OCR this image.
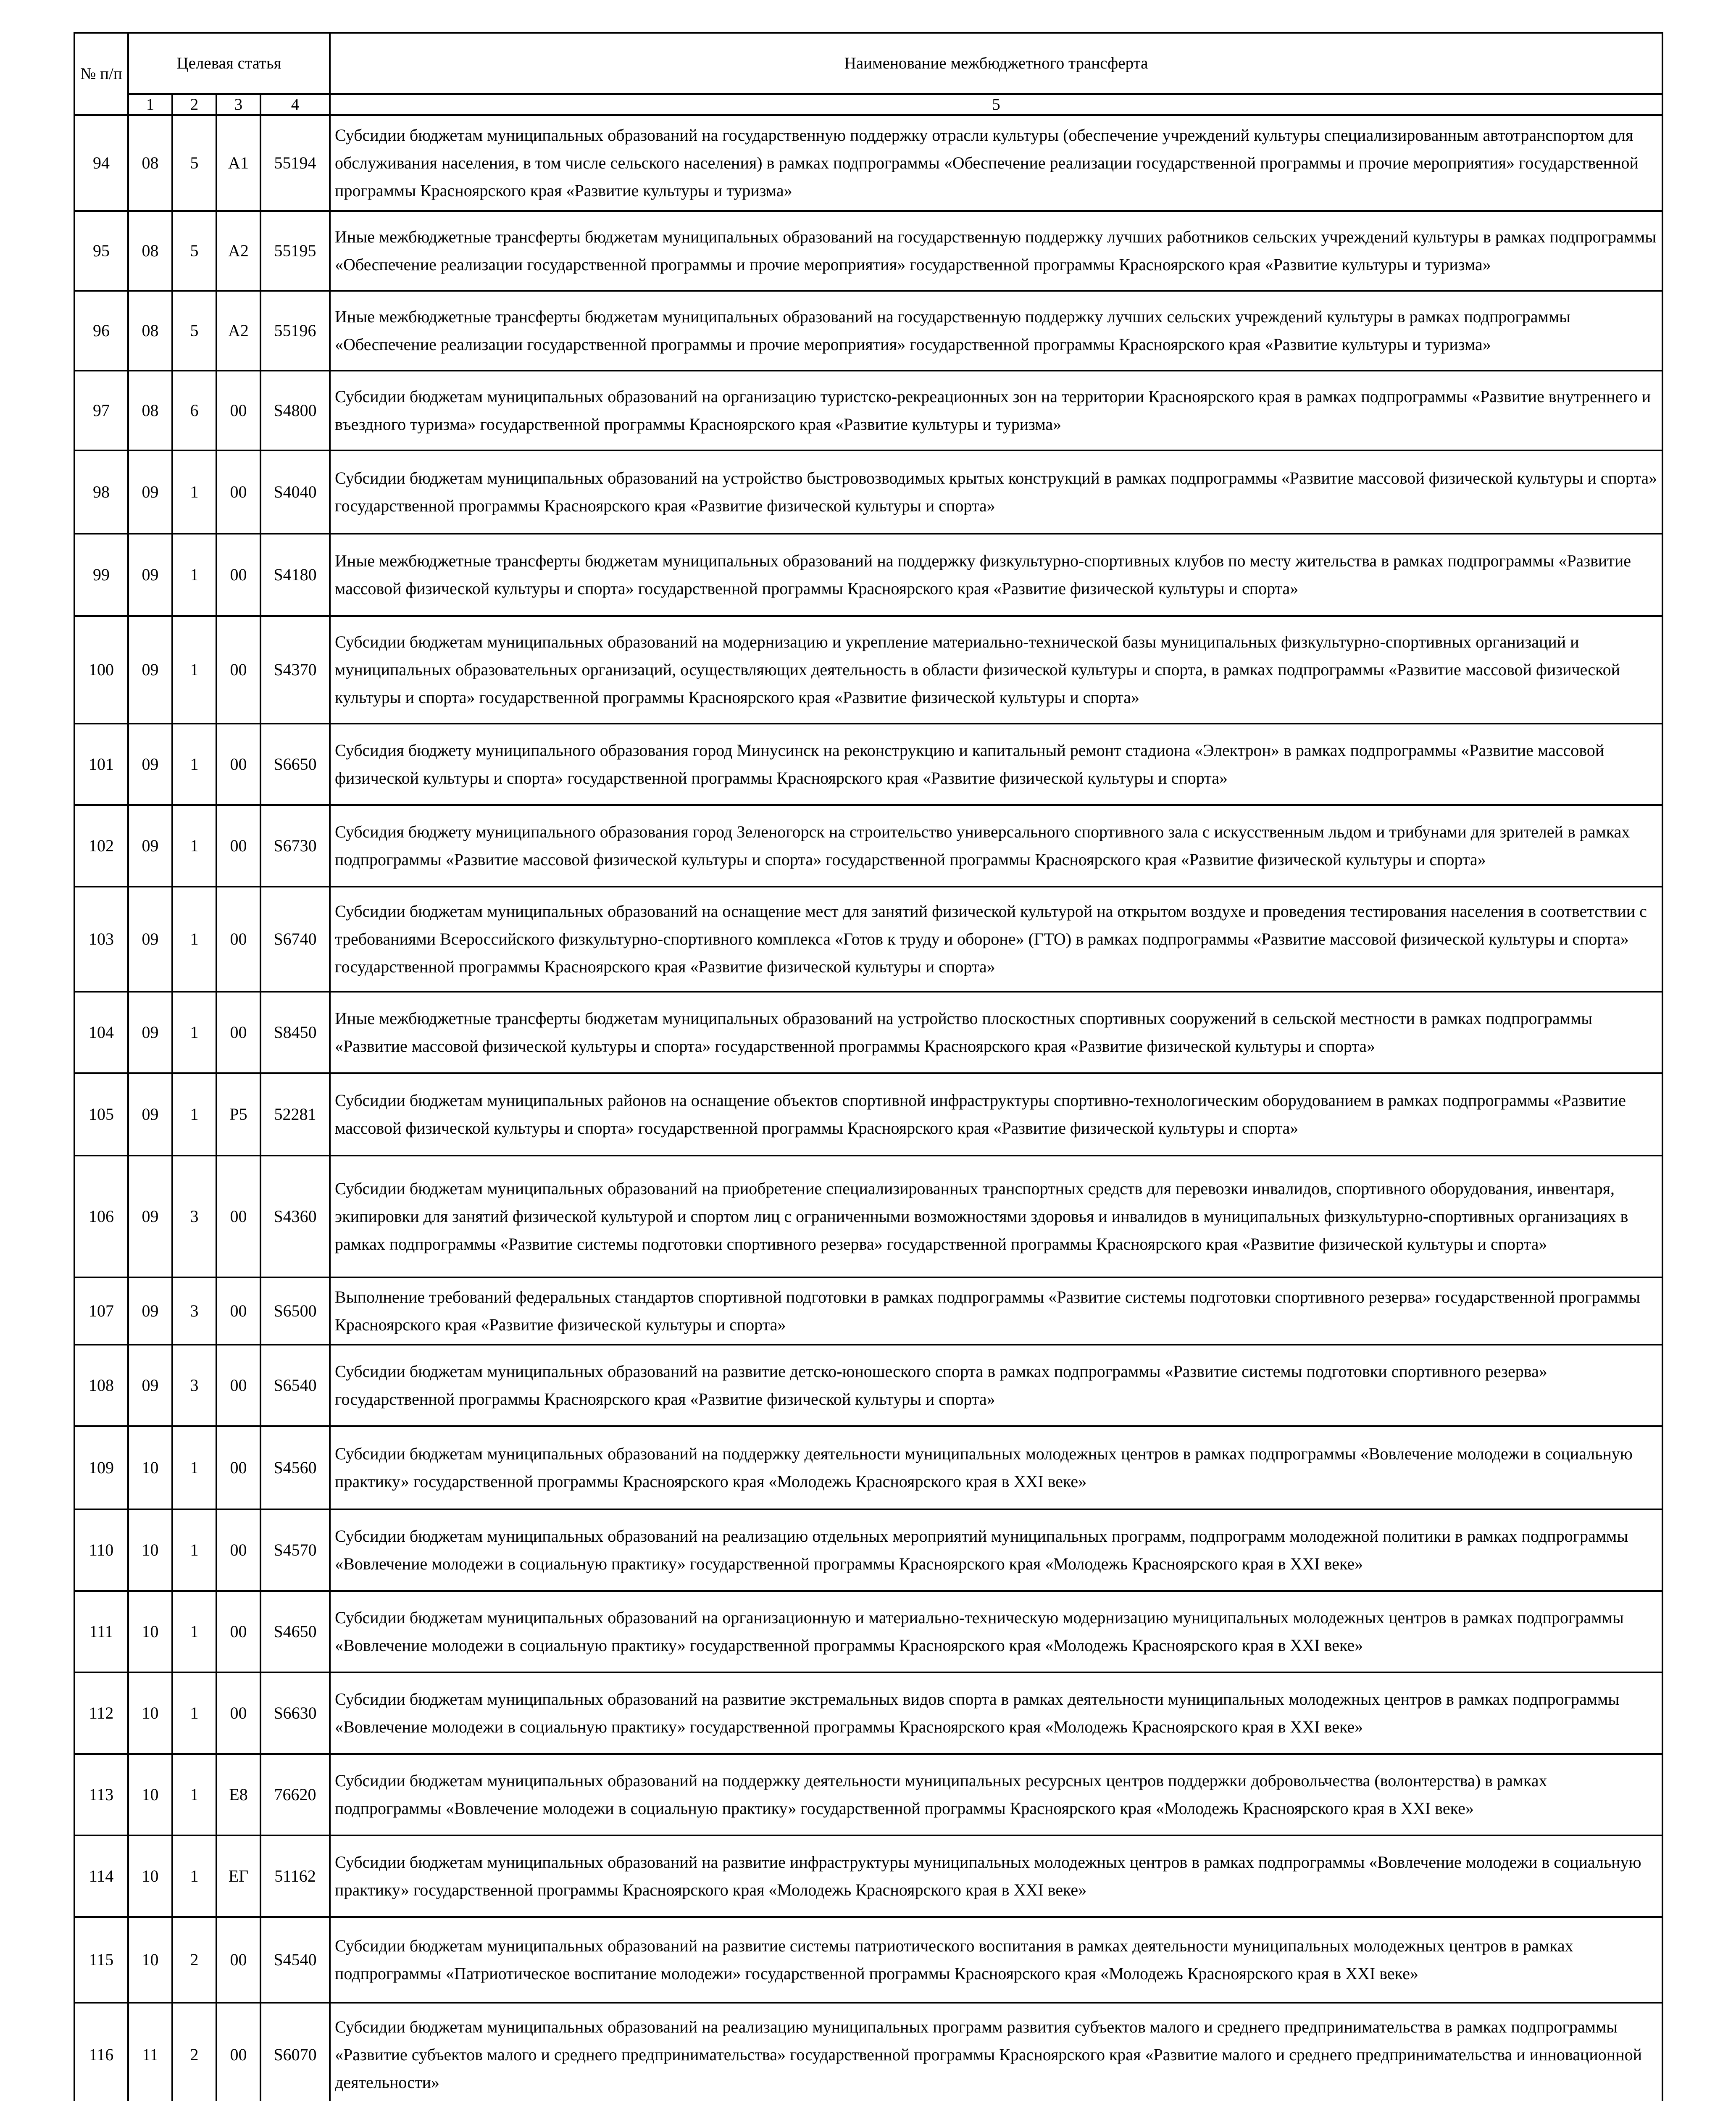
№ п/п	Целевая статья				Наименование межбюджетного трансферта
	1	2	3	4	5
94	08	5	A1	55194	Субсидии бюджетам муниципальных образований на государственную поддержку отрасли культуры (обеспечение учреждений культуры специализированным автотранспортом для обслуживания населения, в том числе сельского населения) в рамках подпрограммы «Обеспечение реализации государственной программы и прочие мероприятия» государственной программы Красноярского края «Развитие культуры и туризма»
95	08	5	A2	55195	Иные межбюджетные трансферты бюджетам муниципальных образований на государственную поддержку лучших работников сельских учреждений культуры в рамках подпрограммы «Обеспечение реализации государственной программы и прочие мероприятия» государственной программы Красноярского края «Развитие культуры и туризма»
96	08	5	A2	55196	Иные межбюджетные трансферты бюджетам муниципальных образований на государственную поддержку лучших сельских учреждений культуры в рамках подпрограммы «Обеспечение реализации государственной программы и прочие мероприятия» государственной программы Красноярского края «Развитие культуры и туризма»
97	08	6	00	S4800	Субсидии бюджетам муниципальных образований на организацию туристско-рекреационных зон на территории Красноярского края в рамках подпрограммы «Развитие внутреннего и въездного туризма» государственной программы Красноярского края «Развитие культуры и туризма»
98	09	1	00	S4040	Субсидии бюджетам муниципальных образований на устройство быстровозводимых крытых конструкций в рамках подпрограммы «Развитие массовой физической культуры и спорта» государственной программы Красноярского края «Развитие физической культуры и спорта»
99	09	1	00	S4180	Иные межбюджетные трансферты бюджетам муниципальных образований на поддержку физкультурно-спортивных клубов по месту жительства в рамках подпрограммы «Развитие массовой физической культуры и спорта» государственной программы Красноярского края «Развитие физической культуры и спорта»
100	09	1	00	S4370	Субсидии бюджетам муниципальных образований на модернизацию и укрепление материально-технической базы муниципальных физкультурно-спортивных организаций и муниципальных образовательных организаций, осуществляющих деятельность в области физической культуры и спорта, в рамках подпрограммы «Развитие массовой физической культуры и спорта» государственной программы Красноярского края «Развитие физической культуры и спорта»
101	09	1	00	S6650	Субсидия бюджету муниципального образования город Минусинск на реконструкцию и капитальный ремонт стадиона «Электрон» в рамках подпрограммы «Развитие массовой физической культуры и спорта» государственной программы Красноярского края «Развитие физической культуры и спорта»
102	09	1	00	S6730	Субсидия бюджету муниципального образования город Зеленогорск на строительство универсального спортивного зала с искусственным льдом и трибунами для зрителей в рамках подпрограммы «Развитие массовой физической культуры и спорта» государственной программы Красноярского края «Развитие физической культуры и спорта»
103	09	1	00	S6740	Субсидии бюджетам муниципальных образований на оснащение мест для занятий физической культурой на открытом воздухе и проведения тестирования населения в соответствии с требованиями Всероссийского физкультурно-спортивного комплекса «Готов к труду и обороне» (ГТО) в рамках подпрограммы «Развитие массовой физической культуры и спорта» государственной программы Красноярского края «Развитие физической культуры и спорта»
104	09	1	00	S8450	Иные межбюджетные трансферты бюджетам муниципальных образований на устройство плоскостных спортивных сооружений в сельской местности в рамках подпрограммы «Развитие массовой физической культуры и спорта» государственной программы Красноярского края «Развитие физической культуры и спорта»
105	09	1	P5	52281	Субсидии бюджетам муниципальных районов на оснащение объектов спортивной инфраструктуры спортивно-технологическим оборудованием в рамках подпрограммы «Развитие массовой физической культуры и спорта» государственной программы Красноярского края «Развитие физической культуры и спорта»
106	09	3	00	S4360	Субсидии бюджетам муниципальных образований на приобретение специализированных транспортных средств для перевозки инвалидов, спортивного оборудования, инвентаря, экипировки для занятий физической культурой и спортом лиц с ограниченными возможностями здоровья и инвалидов в муниципальных физкультурно-спортивных организациях в рамках подпрограммы «Развитие системы подготовки спортивного резерва» государственной программы Красноярского края «Развитие физической культуры и спорта»
107	09	3	00	S6500	Выполнение требований федеральных стандартов спортивной подготовки в рамках подпрограммы «Развитие системы подготовки спортивного резерва» государственной программы Красноярского края «Развитие физической культуры и спорта»
108	09	3	00	S6540	Субсидии бюджетам муниципальных образований на развитие детско-юношеского спорта в рамках подпрограммы «Развитие системы подготовки спортивного резерва» государственной программы Красноярского края «Развитие физической культуры и спорта»
109	10	1	00	S4560	Субсидии бюджетам муниципальных образований на поддержку деятельности муниципальных молодежных центров в рамках подпрограммы «Вовлечение молодежи в социальную практику» государственной программы Красноярского края «Молодежь Красноярского края в XXI веке»
110	10	1	00	S4570	Субсидии бюджетам муниципальных образований на реализацию отдельных мероприятий муниципальных программ, подпрограмм молодежной политики в рамках подпрограммы «Вовлечение молодежи в социальную практику» государственной программы Красноярского края «Молодежь Красноярского края в XXI веке»
111	10	1	00	S4650	Субсидии бюджетам муниципальных образований на организационную и материально-техническую модернизацию муниципальных молодежных центров в рамках подпрограммы «Вовлечение молодежи в социальную практику» государственной программы Красноярского края «Молодежь Красноярского края в XXI веке»
112	10	1	00	S6630	Субсидии бюджетам муниципальных образований на развитие экстремальных видов спорта в рамках деятельности муниципальных молодежных центров в рамках подпрограммы «Вовлечение молодежи в социальную практику» государственной программы Красноярского края «Молодежь Красноярского края в XXI веке»
113	10	1	E8	76620	Субсидии бюджетам муниципальных образований на поддержку деятельности муниципальных ресурсных центров поддержки добровольчества (волонтерства) в рамках подпрограммы «Вовлечение молодежи в социальную практику» государственной программы Красноярского края «Молодежь Красноярского края в XXI веке»
114	10	1	ЕГ	51162	Субсидии бюджетам муниципальных образований на развитие инфраструктуры муниципальных молодежных центров в рамках подпрограммы «Вовлечение молодежи в социальную практику» государственной программы Красноярского края «Молодежь Красноярского края в XXI веке»
115	10	2	00	S4540	Субсидии бюджетам муниципальных образований на развитие системы патриотического воспитания в рамках деятельности муниципальных молодежных центров в рамках подпрограммы «Патриотическое воспитание молодежи» государственной программы Красноярского края «Молодежь Красноярского края в XXI веке»
116	11	2	00	S6070	Субсидии бюджетам муниципальных образований на реализацию муниципальных программ развития субъектов малого и среднего предпринимательства в рамках подпрограммы «Развитие субъектов малого и среднего предпринимательства» государственной программы Красноярского края «Развитие малого и среднего предпринимательства и инновационной деятельности»
